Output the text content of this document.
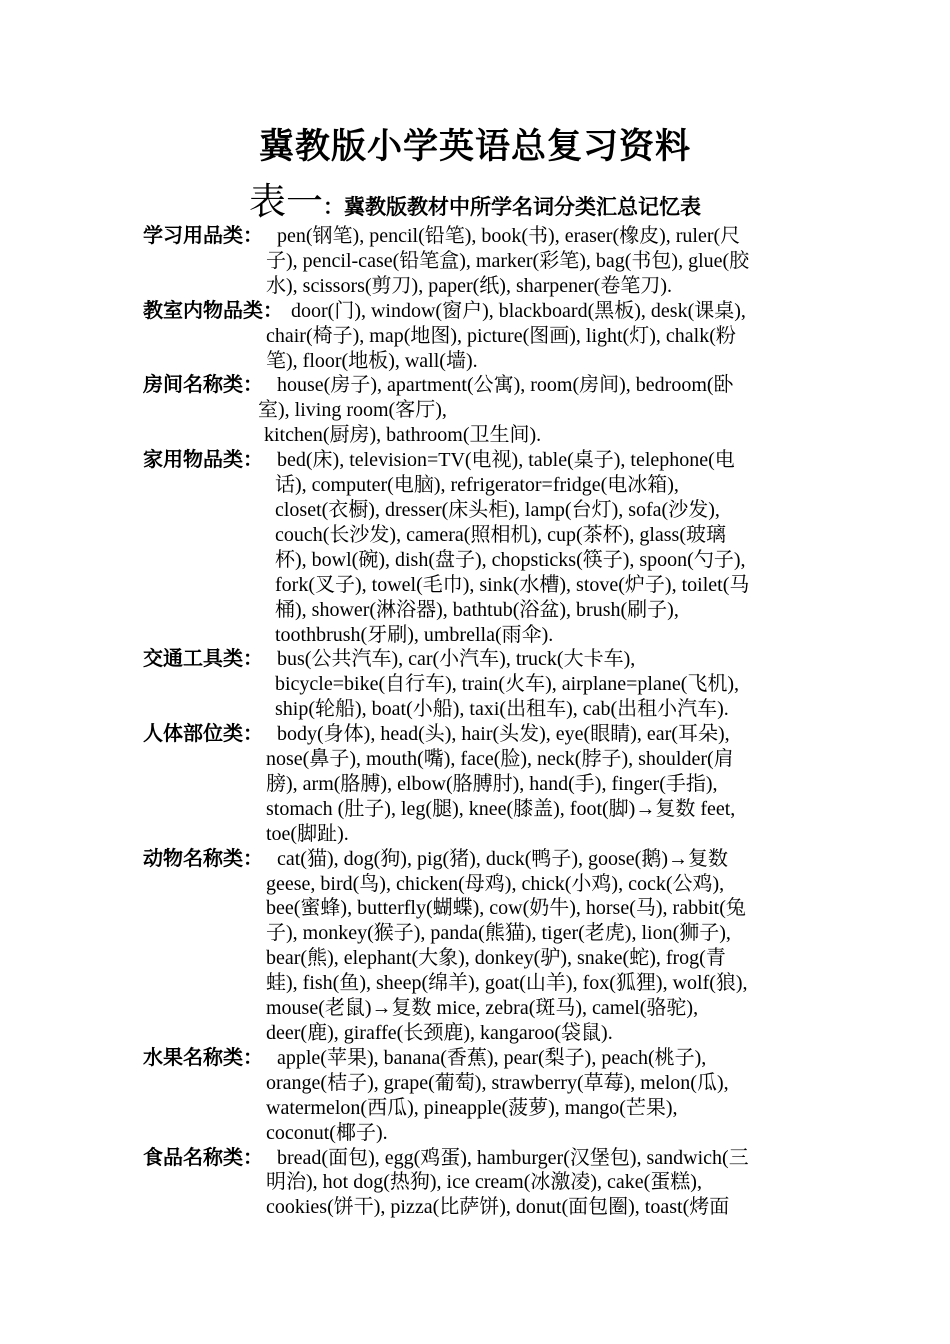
冀教版小学英语总复习资料
表一：冀教版教材中所学名词分类汇总记忆表
学习用品类： pen(钢笔), pencil(铅笔), book(书), eraser(橡皮), ruler(尺
子), pencil-case(铅笔盒), marker(彩笔), bag(书包), glue(胶
水), scissors(剪刀), paper(纸), sharpener(卷笔刀).
教室内物品类： door(门), window(窗户), blackboard(黑板), desk(课桌),
chair(椅子), map(地图), picture(图画), light(灯), chalk(粉
笔), floor(地板), wall(墙).
房间名称类： house(房子), apartment(公寓), room(房间), bedroom(卧
室), living room(客厅),
kitchen(厨房), bathroom(卫生间).
家用物品类： bed(床), television=TV(电视), table(桌子), telephone(电
话), computer(电脑), refrigerator=fridge(电冰箱),
closet(衣橱), dresser(床头柜), lamp(台灯), sofa(沙发),
couch(长沙发), camera(照相机), cup(茶杯), glass(玻璃
杯), bowl(碗), dish(盘子), chopsticks(筷子), spoon(勺子),
fork(叉子), towel(毛巾), sink(水槽), stove(炉子), toilet(马
桶), shower(淋浴器), bathtub(浴盆), brush(刷子),
toothbrush(牙刷), umbrella(雨伞).
交通工具类： bus(公共汽车), car(小汽车), truck(大卡车),
bicycle=bike(自行车), train(火车), airplane=plane(飞机),
ship(轮船), boat(小船), taxi(出租车), cab(出租小汽车).
人体部位类： body(身体), head(头), hair(头发), eye(眼睛), ear(耳朵),
nose(鼻子), mouth(嘴), face(脸), neck(脖子), shoulder(肩
膀), arm(胳膊), elbow(胳膊肘), hand(手), finger(手指),
stomach (肚子), leg(腿), knee(膝盖), foot(脚)→复数 feet,
toe(脚趾).
动物名称类： cat(猫), dog(狗), pig(猪), duck(鸭子), goose(鹅)→复数
geese, bird(鸟), chicken(母鸡), chick(小鸡), cock(公鸡),
bee(蜜蜂), butterfly(蝴蝶), cow(奶牛), horse(马), rabbit(兔
子), monkey(猴子), panda(熊猫), tiger(老虎), lion(狮子),
bear(熊), elephant(大象), donkey(驴), snake(蛇), frog(青
蛙), fish(鱼), sheep(绵羊), goat(山羊), fox(狐狸), wolf(狼),
mouse(老鼠)→复数 mice, zebra(斑马), camel(骆驼),
deer(鹿), giraffe(长颈鹿), kangaroo(袋鼠).
水果名称类： apple(苹果), banana(香蕉), pear(梨子), peach(桃子),
orange(桔子), grape(葡萄), strawberry(草莓), melon(瓜),
watermelon(西瓜), pineapple(菠萝), mango(芒果),
coconut(椰子).
食品名称类： bread(面包), egg(鸡蛋), hamburger(汉堡包), sandwich(三
明治), hot dog(热狗), ice cream(冰激凌), cake(蛋糕),
cookies(饼干), pizza(比萨饼), donut(面包圈), toast(烤面
